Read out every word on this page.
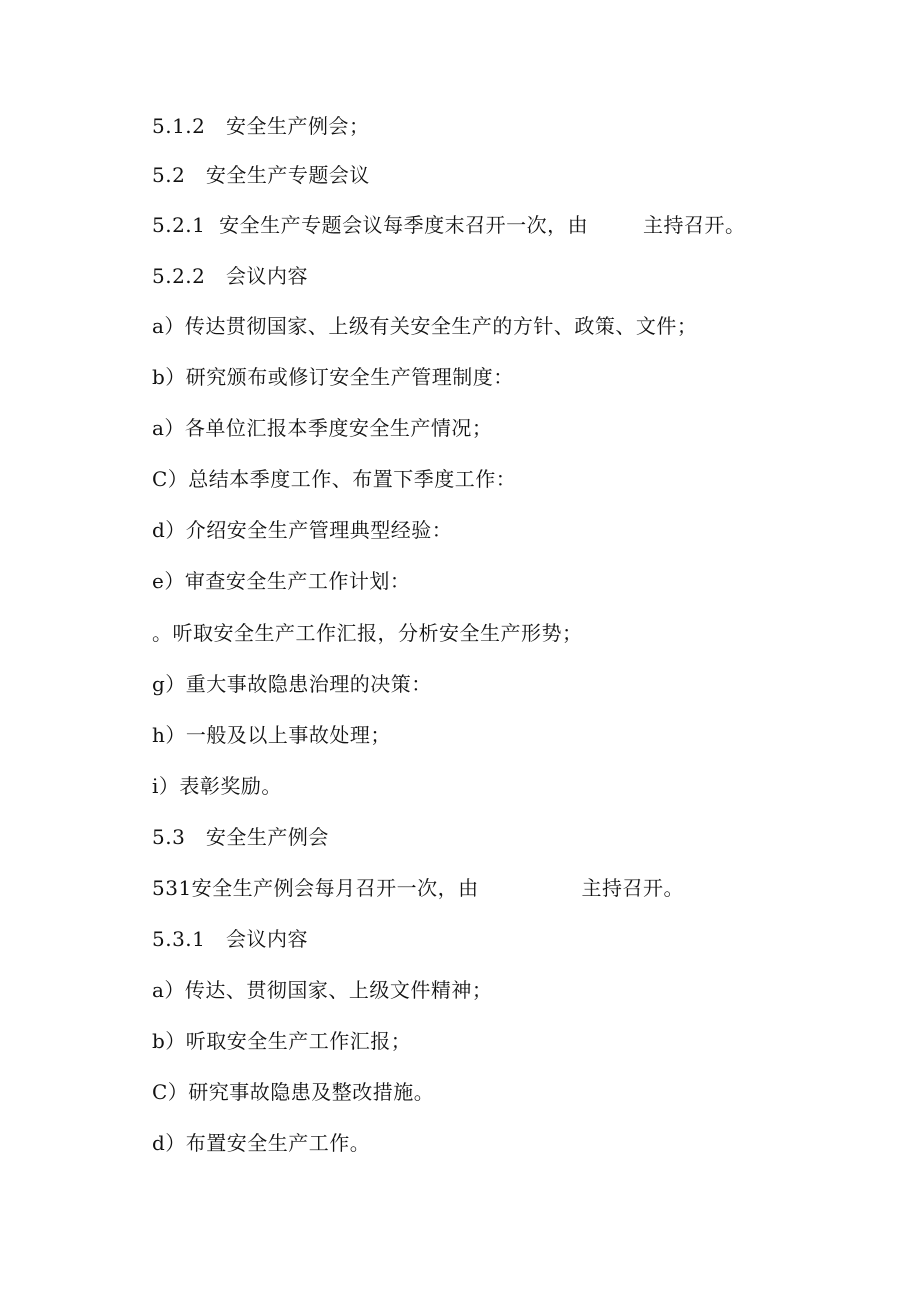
5.1.2   安全生产例会；
5.2   安全生产专题会议
5.2.1  安全生产专题会议每季度末召开一次，由        主持召开。
5.2.2   会议内容
a）传达贯彻国家、上级有关安全生产的方针、政策、文件；
b）研究颁布或修订安全生产管理制度：
a）各单位汇报本季度安全生产情况；
C）总结本季度工作、布置下季度工作：
d）介绍安全生产管理典型经验：
e）审查安全生产工作计划：
。听取安全生产工作汇报，分析安全生产形势；
g）重大事故隐患治理的决策：
h）一般及以上事故处理；
i）表彰奖励。
5.3   安全生产例会
531安全生产例会每月召开一次，由               主持召开。
5.3.1   会议内容
a）传达、贯彻国家、上级文件精神；
b）听取安全生产工作汇报；
C）研究事故隐患及整改措施。
d）布置安全生产工作。
